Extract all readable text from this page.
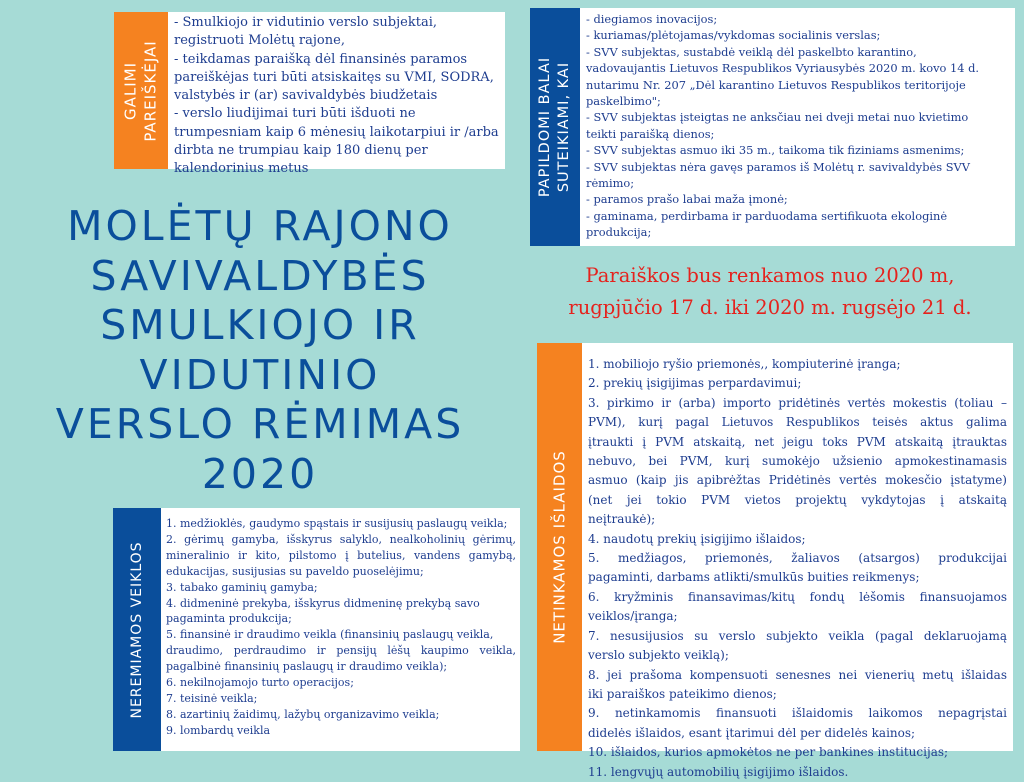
GALIMI PAREIŠKĖJAI
- Smulkiojo ir vidutinio verslo subjektai,
registruoti Molėtų rajone,
- teikdamas paraišką dėl finansinės paramos
pareiškėjas turi būti atsiskaitęs su VMI, SODRA,
valstybės ir (ar) savivaldybės biudžetais
- verslo liudijimai turi būti išduoti ne
trumpesniam kaip 6 mėnesių laikotarpiui ir /arba
dirbta ne trumpiau kaip 180 dienų per
kalendorinius metus	PAPILDOMI BALAI SUTEIKIAMI, KAI
- diegiamos inovacijos;
- kuriamas/plėtojamas/vykdomas socialinis verslas;
- SVV subjektas, sustabdė veiklą dėl paskelbto karantino,
vadovaujantis Lietuvos Respublikos Vyriausybės 2020 m. kovo 14 d.
nutarimu Nr. 207 „Dėl karantino Lietuvos Respublikos teritorijoje
paskelbimo";
- SVV subjektas įsteigtas ne anksčiau nei dveji metai nuo kvietimo
teikti paraišką dienos;
- SVV subjektas asmuo iki 35 m., taikoma tik fiziniams asmenims;
- SVV subjektas nėra gavęs paramos iš Molėtų r. savivaldybės SVV
rėmimo;
- paramos prašo labai maža įmonė;
- gaminama, perdirbama ir parduodama sertifikuota ekologinė
produkcija;
MOLĖTŲ RAJONO
SAVIVALDYBĖS
SMULKIOJO IR
VIDUTINIO
VERSLO RĖMIMAS
2020
Paraiškos bus renkamos nuo 2020 m,
rugpjūčio 17 d. iki 2020 m. rugsėjo 21 d.
NEREMIAMOS VEIKLOS
1. medžioklės, gaudymo spąstais ir susijusių paslaugų veikla;
2. gėrimų gamyba, išskyrus salyklo, nealkoholinių gėrimų,
mineralinio ir kito, pilstomo į butelius, vandens gamybą,
edukacijas, susijusias su paveldo puoselėjimu;
3. tabako gaminių gamyba;
4. didmeninė prekyba, išskyrus didmeninę prekybą savo
pagaminta produkcija;
5. finansinė ir draudimo veikla (finansinių paslaugų veikla,
draudimo, perdraudimo ir pensijų lėšų kaupimo veikla,
pagalbinė finansinių paslaugų ir draudimo veikla);
6. nekilnojamojo turto operacijos;
7. teisinė veikla;
8. azartinių žaidimų, lažybų organizavimo veikla;
9. lombardų veikla
NETINKAMOS IŠLAIDOS
1. mobiliojo ryšio priemonės,, kompiuterinė įranga;
2. prekių įsigijimas perpardavimui;
3. pirkimo ir (arba) importo pridėtinės vertės mokestis (toliau –
PVM), kurį pagal Lietuvos Respublikos teisės aktus galima
įtraukti į PVM atskaitą, net jeigu toks PVM atskaitą įtrauktas
nebuvo, bei PVM, kurį sumokėjo užsienio apmokestinamasis
asmuo (kaip jis apibrėžtas Pridėtinės vertės mokesčio įstatyme)
(net jei tokio PVM vietos projektų vykdytojas į atskaitą
neįtraukė);
4. naudotų prekių įsigijimo išlaidos;
5. medžiagos, priemonės, žaliavos (atsargos) produkcijai
pagaminti, darbams atlikti/smulkūs buities reikmenys;
6. kryžminis finansavimas/kitų fondų lėšomis finansuojamos
veiklos/įranga;
7. nesusijusios su verslo subjekto veikla (pagal deklaruojamą
verslo subjekto veiklą);
8. jei prašoma kompensuoti senesnes nei vienerių metų išlaidas
iki paraiškos pateikimo dienos;
9. netinkamomis finansuoti išlaidomis laikomos nepagrįstai
didelės išlaidos, esant įtarimui dėl per didelės kainos;
10. išlaidos, kurios apmokėtos ne per bankines institucijas;
11. lengvųjų automobilių įsigijimo išlaidos.
